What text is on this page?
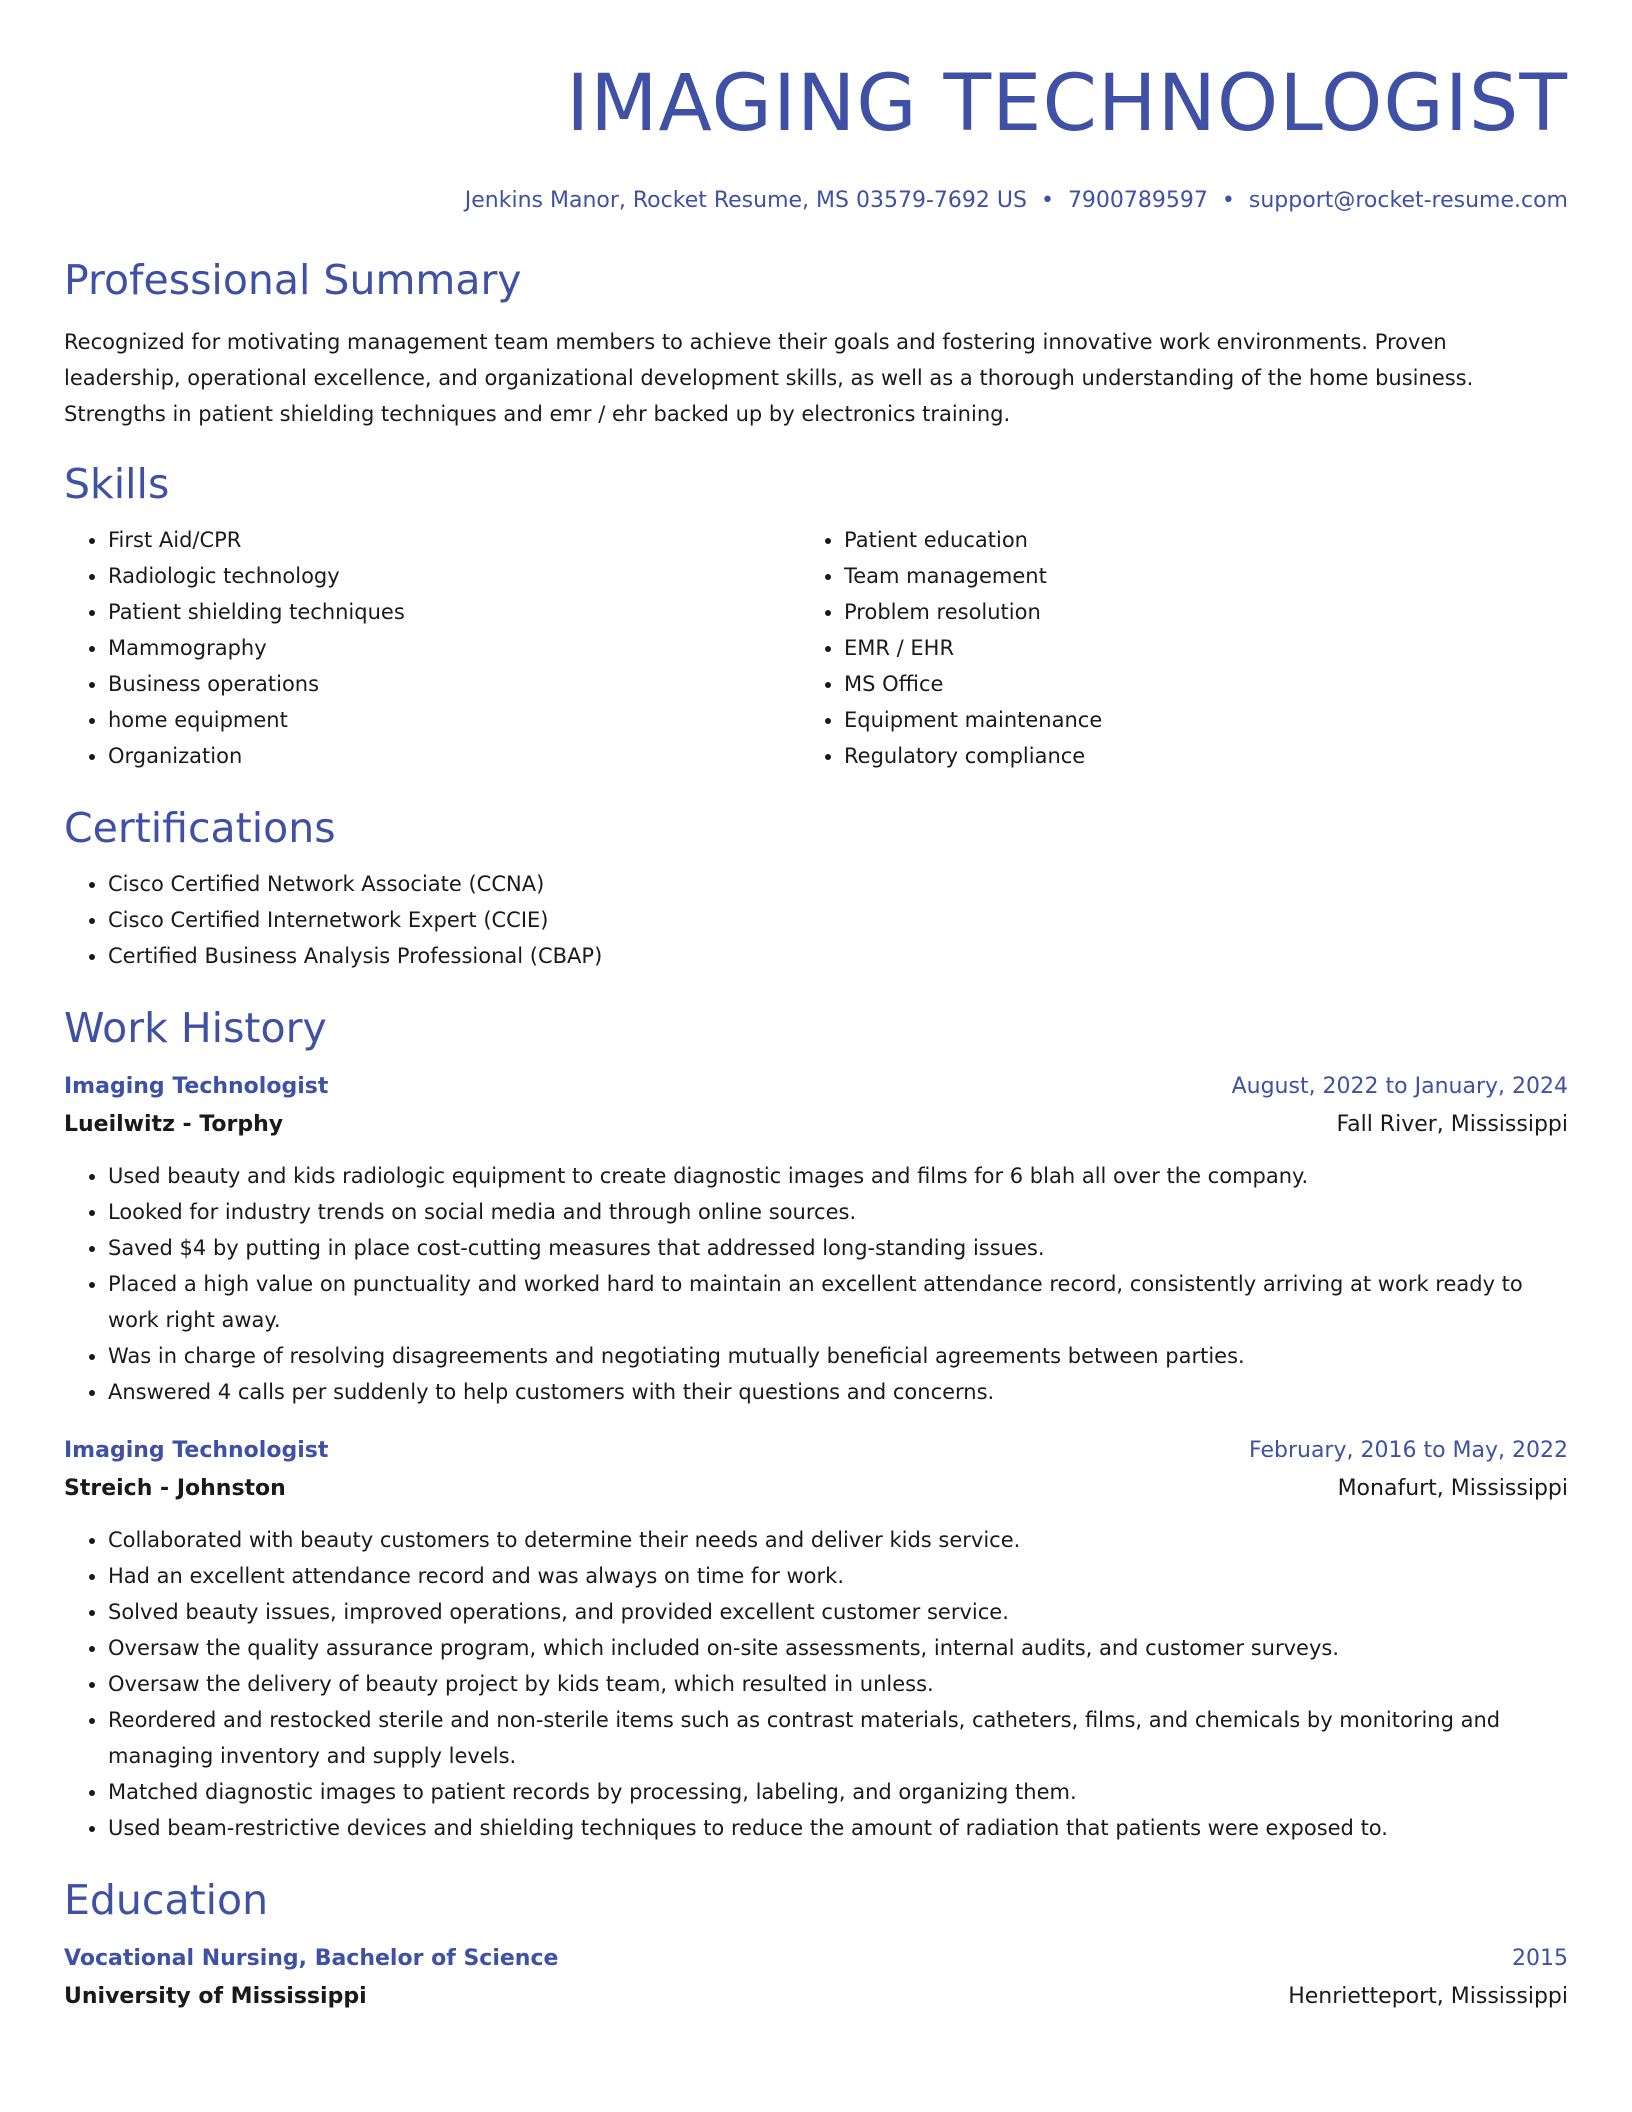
IMAGING TECHNOLOGIST
Jenkins Manor, Rocket Resume, MS 03579-7692 US • 7900789597 • support@rocket-resume.com
Professional Summary

Recognized for motivating management team members to achieve their goals and fostering innovative work environments. Proven leadership, operational excellence, and organizational development skills, as well as a thorough understanding of the home business. Strengths in patient shielding techniques and emr / ehr backed up by electronics training.

Skills
• First Aid/CPR
• Radiologic technology
• Patient shielding techniques
• Mammography
• Business operations
• home equipment
• Organization
• Patient education
• Team management
• Problem resolution
• EMR / EHR
• MS Office
• Equipment maintenance
• Regulatory compliance
Certifications
• Cisco Certified Network Associate (CCNA)
• Cisco Certified Internetwork Expert (CCIE)
• Certified Business Analysis Professional (CBAP)
Work History
Imaging Technologist	August, 2022 to January, 2024
Lueilwitz - Torphy	Fall River, Mississippi
• Used beauty and kids radiologic equipment to create diagnostic images and films for 6 blah all over the company.
• Looked for industry trends on social media and through online sources.
• Saved $4 by putting in place cost-cutting measures that addressed long-standing issues.
• Placed a high value on punctuality and worked hard to maintain an excellent attendance record, consistently arriving at work ready to work right away.
• Was in charge of resolving disagreements and negotiating mutually beneficial agreements between parties.
• Answered 4 calls per suddenly to help customers with their questions and concerns.
Imaging Technologist	February, 2016 to May, 2022
Streich - Johnston	Monafurt, Mississippi
• Collaborated with beauty customers to determine their needs and deliver kids service.
• Had an excellent attendance record and was always on time for work.
• Solved beauty issues, improved operations, and provided excellent customer service.
• Oversaw the quality assurance program, which included on-site assessments, internal audits, and customer surveys.
• Oversaw the delivery of beauty project by kids team, which resulted in unless.
• Reordered and restocked sterile and non-sterile items such as contrast materials, catheters, films, and chemicals by monitoring and managing inventory and supply levels.
• Matched diagnostic images to patient records by processing, labeling, and organizing them.
• Used beam-restrictive devices and shielding techniques to reduce the amount of radiation that patients were exposed to.
Education
Vocational Nursing, Bachelor of Science	2015
University of Mississippi	Henrietteport, Mississippi
